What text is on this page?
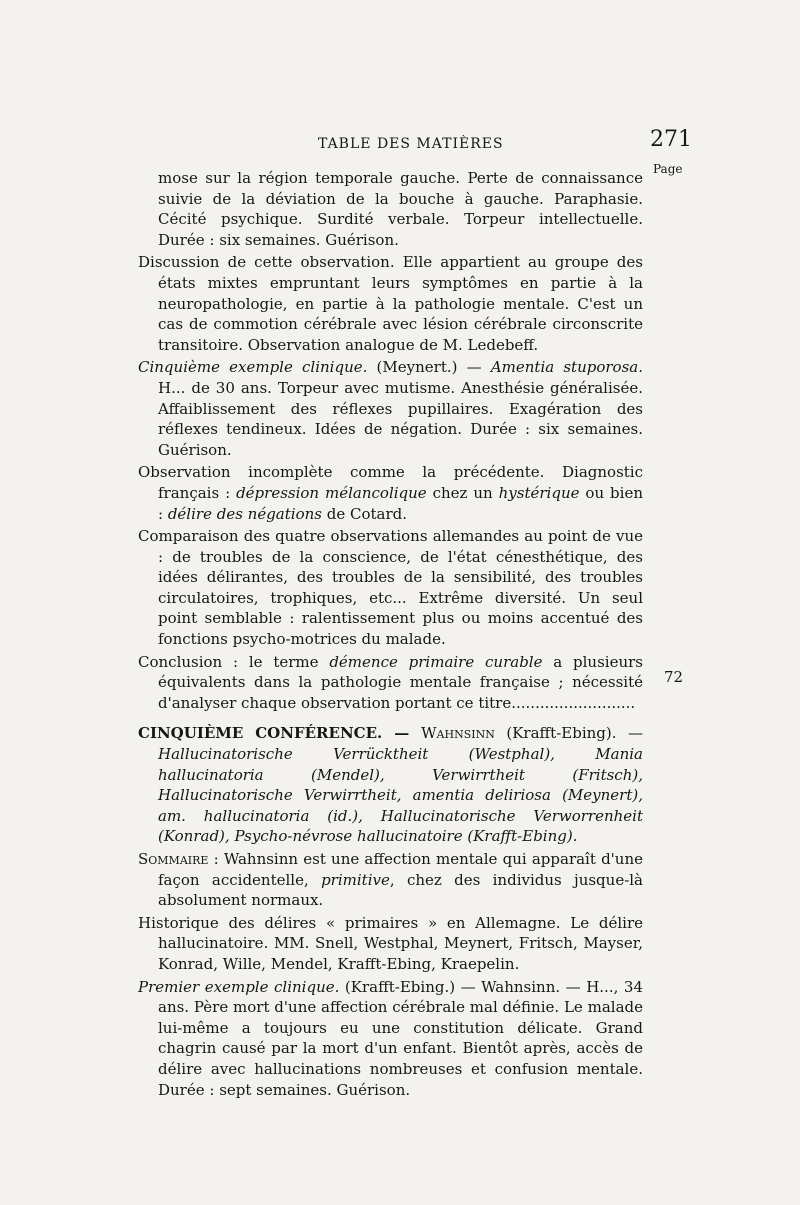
TABLE DES MATIÈRES	271
Page

mose sur la région temporale gauche. Perte de connaissance suivie de la déviation de la bouche à gauche. Paraphasie. Cécité psychique. Surdité verbale. Torpeur intellectuelle. Durée : six semaines. Guérison.

Discussion de cette observation. Elle appartient au groupe des états mixtes empruntant leurs symptômes en partie à la neuropathologie, en partie à la pathologie mentale. C'est un cas de commotion cérébrale avec lésion cérébrale circonscrite transitoire. Observation analogue de M. Ledebeff.

Cinquième exemple clinique. (Meynert.) — Amentia stuporosa. H... de 30 ans. Torpeur avec mutisme. Anesthésie généralisée. Affaiblissement des réflexes pupillaires. Exagération des réflexes tendineux. Idées de négation. Durée : six semaines. Guérison.

Observation incomplète comme la précédente. Diagnostic français : dépression mélancolique chez un hystérique ou bien : délire des négations de Cotard.

Comparaison des quatre observations allemandes au point de vue : de troubles de la conscience, de l'état cénesthétique, des idées délirantes, des troubles de la sensibilité, des troubles circulatoires, trophiques, etc... Extrême diversité. Un seul point semblable : ralentissement plus ou moins accentué des fonctions psycho-motrices du malade.

Conclusion : le terme démence primaire curable a plusieurs équivalents dans la pathologie mentale française ; nécessité d'analyser chaque observation portant ce titre..........................

CINQUIÈME CONFÉRENCE. — Wahnsinn (Krafft-Ebing). — Hallucinatorische Verrücktheit (Westphal), Mania hallucinatoria (Mendel), Verwirrtheit (Fritsch), Hallucinatorische Verwirrtheit, amentia deliriosa (Meynert), am. hallucinatoria (id.), Hallucinatorische Verworrenheit (Konrad), Psycho-névrose hallucinatoire (Krafft-Ebing).

Sommaire : Wahnsinn est une affection mentale qui apparaît d'une façon accidentelle, primitive, chez des individus jusque-là absolument normaux.

Historique des délires « primaires » en Allemagne. Le délire hallucinatoire. MM. Snell, Westphal, Meynert, Fritsch, Mayser, Konrad, Wille, Mendel, Krafft-Ebing, Kraepelin.

Premier exemple clinique. (Krafft-Ebing.) — Wahnsinn. — H..., 34 ans. Père mort d'une affection cérébrale mal définie. Le malade lui-même a toujours eu une constitution délicate. Grand chagrin causé par la mort d'un enfant. Bientôt après, accès de délire avec hallucinations nombreuses et confusion mentale. Durée : sept semaines. Guérison.

72
